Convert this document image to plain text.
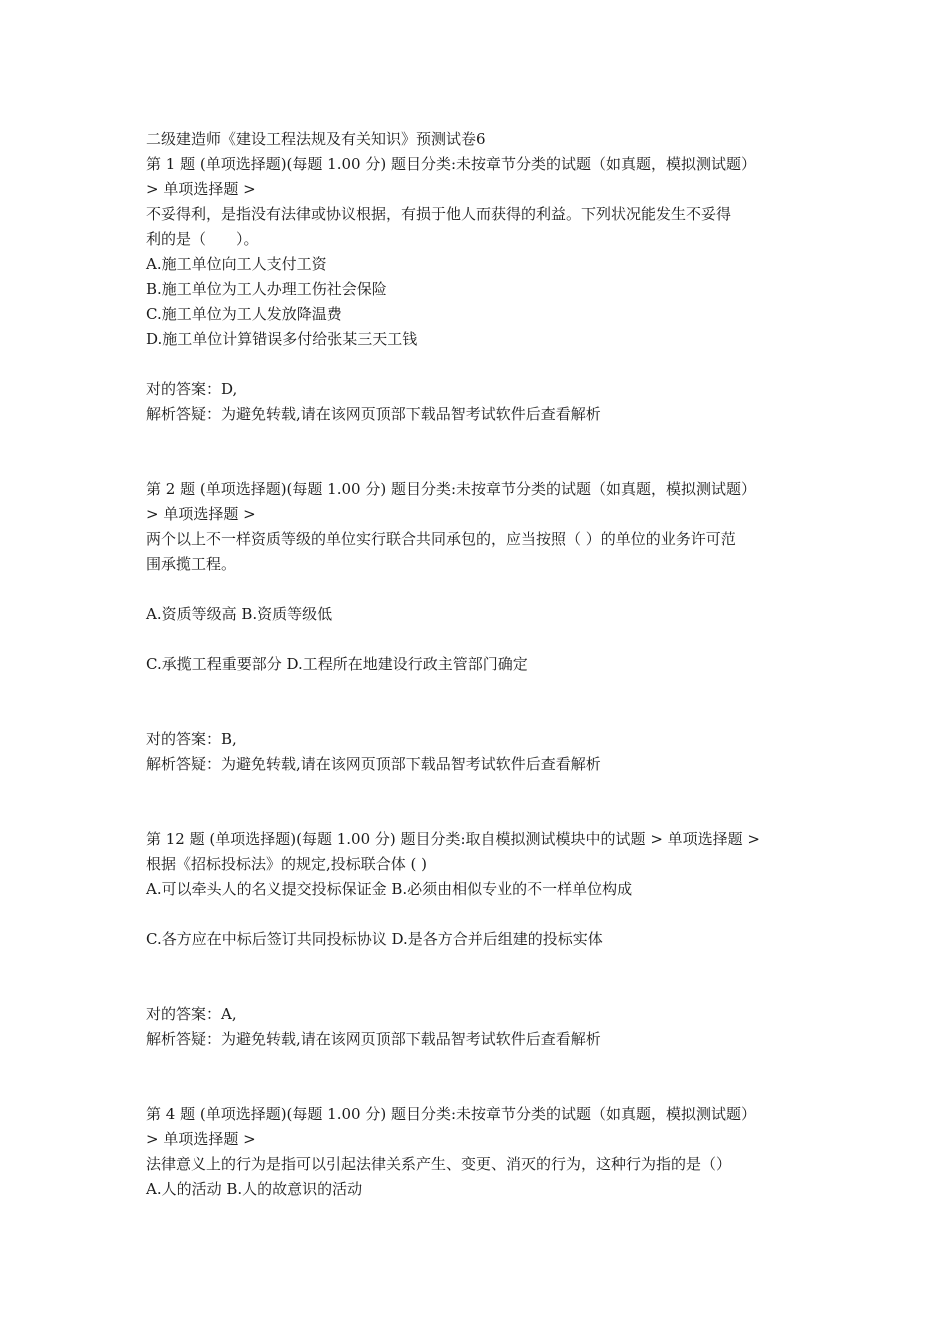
二级建造师《建设工程法规及有关知识》预测试卷6
第 1 题 (单项选择题)(每题 1.00 分) 题目分类:未按章节分类的试题（如真题，模拟测试题）
> 单项选择题 >
不妥得利，是指没有法律或协议根据，有损于他人而获得的利益。下列状况能发生不妥得
利的是（　　）。
A.施工单位向工人支付工资
B.施工单位为工人办理工伤社会保险
C.施工单位为工人发放降温费
D.施工单位计算错误多付给张某三天工钱
对的答案：D,
解析答疑：为避免转载,请在该网页顶部下载品智考试软件后查看解析
第 2 题 (单项选择题)(每题 1.00 分) 题目分类:未按章节分类的试题（如真题，模拟测试题）
> 单项选择题 >
两个以上不一样资质等级的单位实行联合共同承包的，应当按照（ ）的单位的业务许可范
围承揽工程。
A.资质等级高 B.资质等级低
C.承揽工程重要部分 D.工程所在地建设行政主管部门确定
对的答案：B,
解析答疑：为避免转载,请在该网页顶部下载品智考试软件后查看解析
第 12 题 (单项选择题)(每题 1.00 分) 题目分类:取自模拟测试模块中的试题 > 单项选择题 >
根据《招标投标法》的规定,投标联合体 ( )
A.可以牵头人的名义提交投标保证金 B.必须由相似专业的不一样单位构成
C.各方应在中标后签订共同投标协议 D.是各方合并后组建的投标实体
对的答案：A,
解析答疑：为避免转载,请在该网页顶部下载品智考试软件后查看解析
第 4 题 (单项选择题)(每题 1.00 分) 题目分类:未按章节分类的试题（如真题，模拟测试题）
> 单项选择题 >
法律意义上的行为是指可以引起法律关系产生、变更、消灭的行为，这种行为指的是（）
A.人的活动 B.人的故意识的活动
